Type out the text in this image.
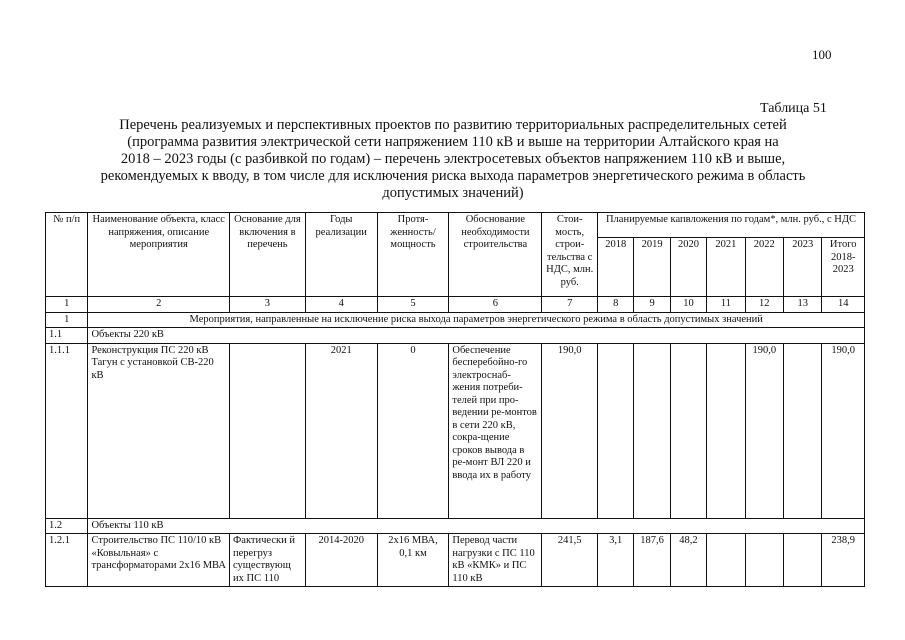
100
Таблица 51
Перечень реализуемых и перспективных проектов по развитию территориальных распределительных сетей
(программа развития электрической сети напряжением 110 кВ и выше на территории Алтайского края на
2018 – 2023 годы (с разбивкой по годам) – перечень электросетевых объектов напряжением 110 кВ и выше,
рекомендуемых к вводу, в том числе для исключения риска выхода параметров энергетического режима в область
допустимых значений)
№ п/п	Наименование объекта, класс напряжения, описание мероприятия	Основание для включения в перечень	Годы реализации	Протя-женность/ мощность	Обоснование необходимости строительства	Стои-мость, строи-тельства с НДС, млн. руб.	Планируемые капвложения по годам*, млн. руб., с НДС						
							2018	2019	2020	2021	2022	2023	Итого 2018-2023
1	2	3	4	5	6	7	8	9	10	11	12	13	14
1	Мероприятия, направленные на исключение риска выхода параметров энергетического режима в область допустимых значений												
1.1	Объекты 220 кВ												
1.1.1	Реконструкция ПС 220 кВ Тагун с установкой СВ-220 кВ		2021	0	Обеспечение бесперебойно-го электроснаб-жения потреби-телей при про-ведении ре-монтов в сети 220 кВ, сокра-щение сроков вывода в ре-монт ВЛ 220 и ввода их в работу	190,0					190,0		190,0
1.2	Объекты 110 кВ												
1.2.1	Строительство ПС 110/10 кВ «Ковыльная» с трансформаторами 2х16 МВА	Фактически й перегруз существующ их ПС 110	2014-2020	2х16 МВА, 0,1 км	Перевод части нагрузки с ПС 110 кВ «КМК» и ПС 110 кВ	241,5	3,1	187,6	48,2				238,9
